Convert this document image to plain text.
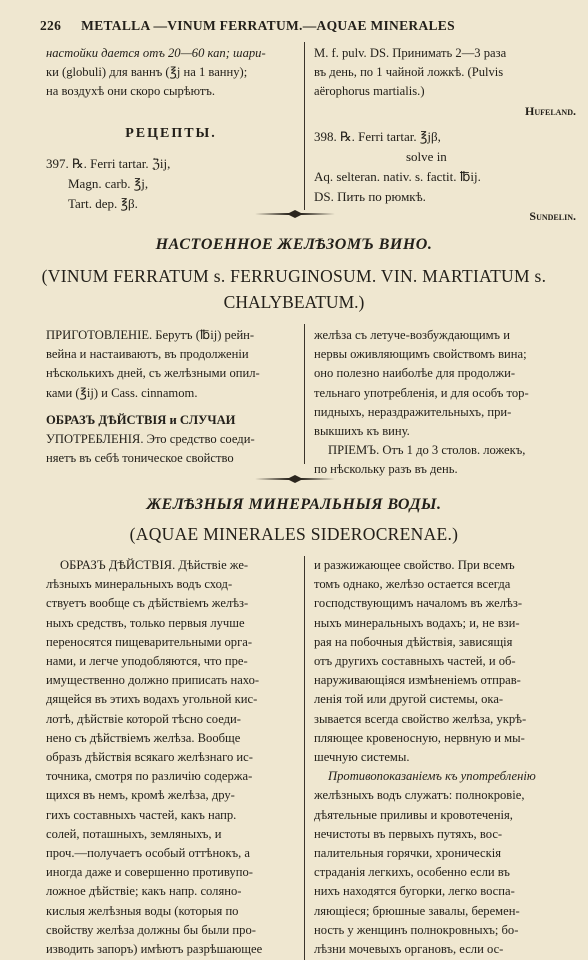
226 METALLA —VINUM FERRATUM.—AQUAE MINERALES

настойки дается отъ 20—60 кап; шари-

ки (globuli) для ваннъ (℥j на 1 ванну);

на воздухѣ они скоро сырѣютъ.

РЕЦЕПТЫ.

397. ℞. Ferri tartar. ℨij,

Magn. carb. ℥j,

Tart. dep. ℥β.

M. f. pulv. DS. Принимать 2—3 раза

въ день, по 1 чайной ложкѣ. (Pulvis

aërophorus martialis.)

Hufeland.

398. ℞. Ferri tartar. ℥jβ,

solve in

Aq. selteran. nativ. s. factit. ℔ij.

DS. Пить по рюмкѣ.

Sundelin.

НАСТОЕННОЕ ЖЕЛѢЗОМЪ ВИНО.
(VINUM FERRATUM s. FERRUGINOSUM. VIN. MARTIATUM s.
CHALYBEATUM.)

ПРИГОТОВЛЕНІЕ. Берутъ (℔ij) рейн-

вейна и настаиваютъ, въ продолженіи

нѣсколькихъ дней, съ желѣзными опил-

ками (℥ij) и Cass. cinnamom.

ОБРАЗЪ ДѢЙСТВІЯ и СЛУЧАИ

УПОТРЕБЛЕНІЯ. Это средство соеди-

няетъ въ себѣ тоническое свойство

желѣза съ летуче-возбуждающимъ и

нервы оживляющимъ свойствомъ вина;

оно полезно наиболѣе для продолжи-

тельнаго употребленія, и для особъ тор-

пидныхъ, нераздражительныхъ, при-

выкшихъ къ вину.

ПРІЕМЪ. Отъ 1 до 3 столов. ложекъ,

по нѣскольку разъ въ день.

ЖЕЛѢЗНЫЯ МИНЕРАЛЬНЫЯ ВОДЫ.
(AQUAE MINERALES SIDEROCRENAE.)

ОБРАЗЪ ДѢЙСТВІЯ. Дѣйствіе же-

лѣзныхъ минеральныхъ водъ сход-

ствуетъ вообще съ дѣйствіемъ желѣз-

ныхъ средствъ, только первыя лучше

переносятся пищеварительными орга-

нами, и легче уподобляются, что пре-

имущественно должно приписать нахо-

дящейся въ этихъ водахъ угольной кис-

лотѣ, дѣйствіе которой тѣсно соеди-

нено съ дѣйствіемъ желѣза. Вообще

образъ дѣйствія всякаго желѣзнаго ис-

точника, смотря по различію содержа-

щихся въ немъ, кромѣ желѣза, дру-

гихъ составныхъ частей, какъ напр.

солей, поташныхъ, земляныхъ, и

проч.—получаетъ особый оттѣнокъ, а

иногда даже и совершенно противупо-

ложное дѣйствіе; какъ напр. соляно-

кислыя желѣзныя воды (которыя по

свойству желѣза должны бы были про-

изводить запоръ) имѣютъ разрѣшающее

и разжижающее свойство. При всемъ

томъ однако, желѣзо остается всегда

господствующимъ началомъ въ желѣз-

ныхъ минеральныхъ водахъ; и, не взи-

рая на побочныя дѣйствія, зависящія

отъ другихъ составныхъ частей, и об-

наруживающіяся измѣненіемъ отправ-

ленія той или другой системы, ока-

зывается всегда свойство желѣза, укрѣ-

пляющее кровеносную, нервную и мы-

шечную системы.

Противопоказаніемъ къ употребленію

желѣзныхъ водъ служатъ: полнокровіе,

дѣятельные приливы и кровотеченія,

нечистоты въ первыхъ путяхъ, вос-

палительныя горячки, хроническія

страданія легкихъ, особенно если въ

нихъ находятся бугорки, легко воспа-

ляющіеся; брюшные завалы, беремен-

ность у женщинъ полнокровныхъ; бо-

лѣзни мочевыхъ органовъ, если ос-
